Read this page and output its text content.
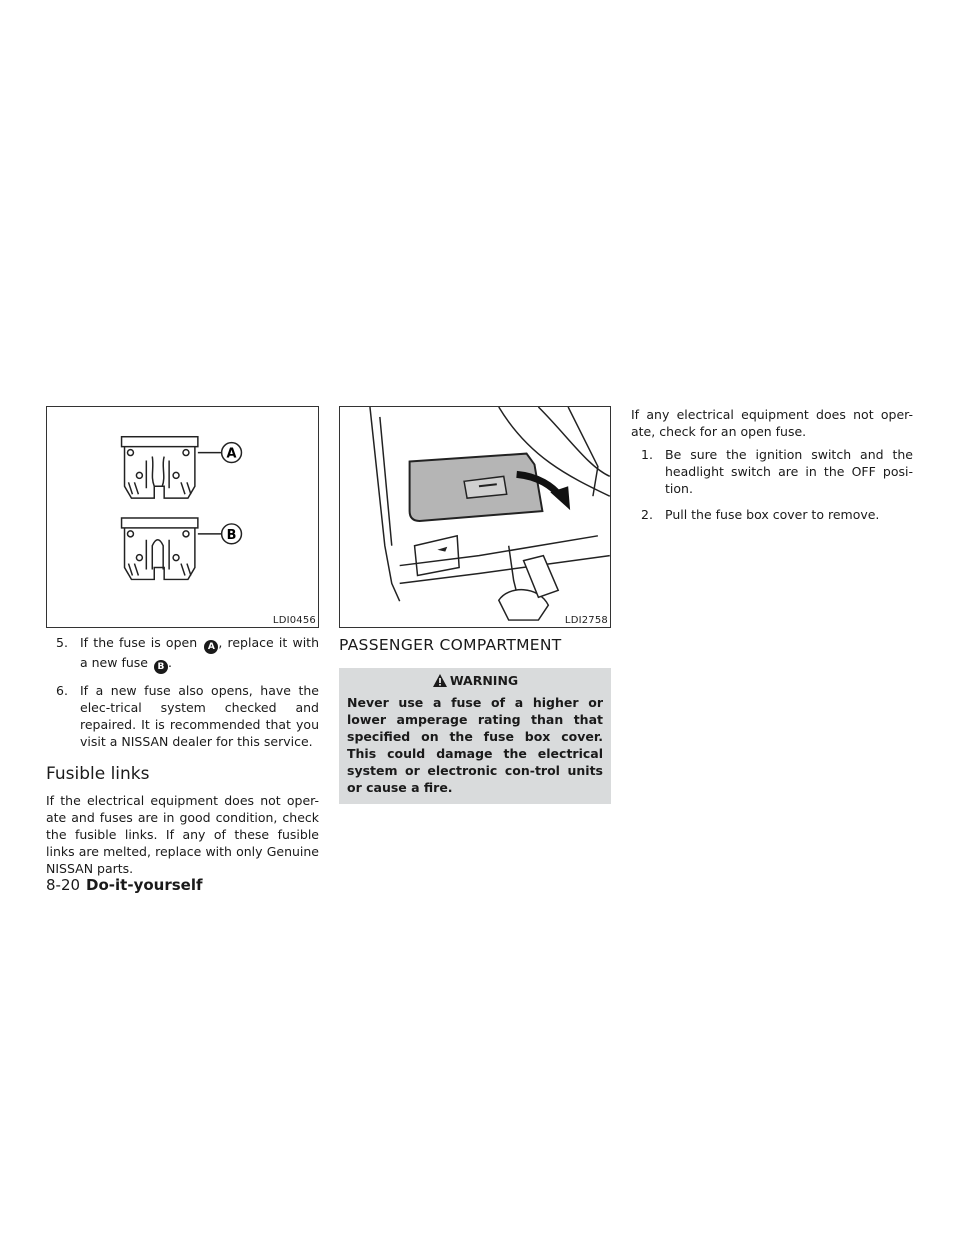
A
B
LDI0456
5. If the fuse is open A , replace it with a new fuse B .
6. If a new fuse also opens, have the elec-trical system checked and repaired. It is recommended that you visit a NISSAN dealer for this service.
Fusible links

If the electrical equipment does not oper-ate and fuses are in good condition, check the fusible links. If any of these fusible links are melted, replace with only Genuine NISSAN parts.

LDI2758
PASSENGER COMPARTMENT
WARNING

Never use a fuse of a higher or lower amperage rating than that specified on the fuse box cover. This could damage the electrical system or electronic con-trol units or cause a fire.

If any electrical equipment does not oper-ate, check for an open fuse.

1. Be sure the ignition switch and the headlight switch are in the OFF posi-tion.
2. Pull the fuse box cover to remove.
8-20 Do-it-yourself
